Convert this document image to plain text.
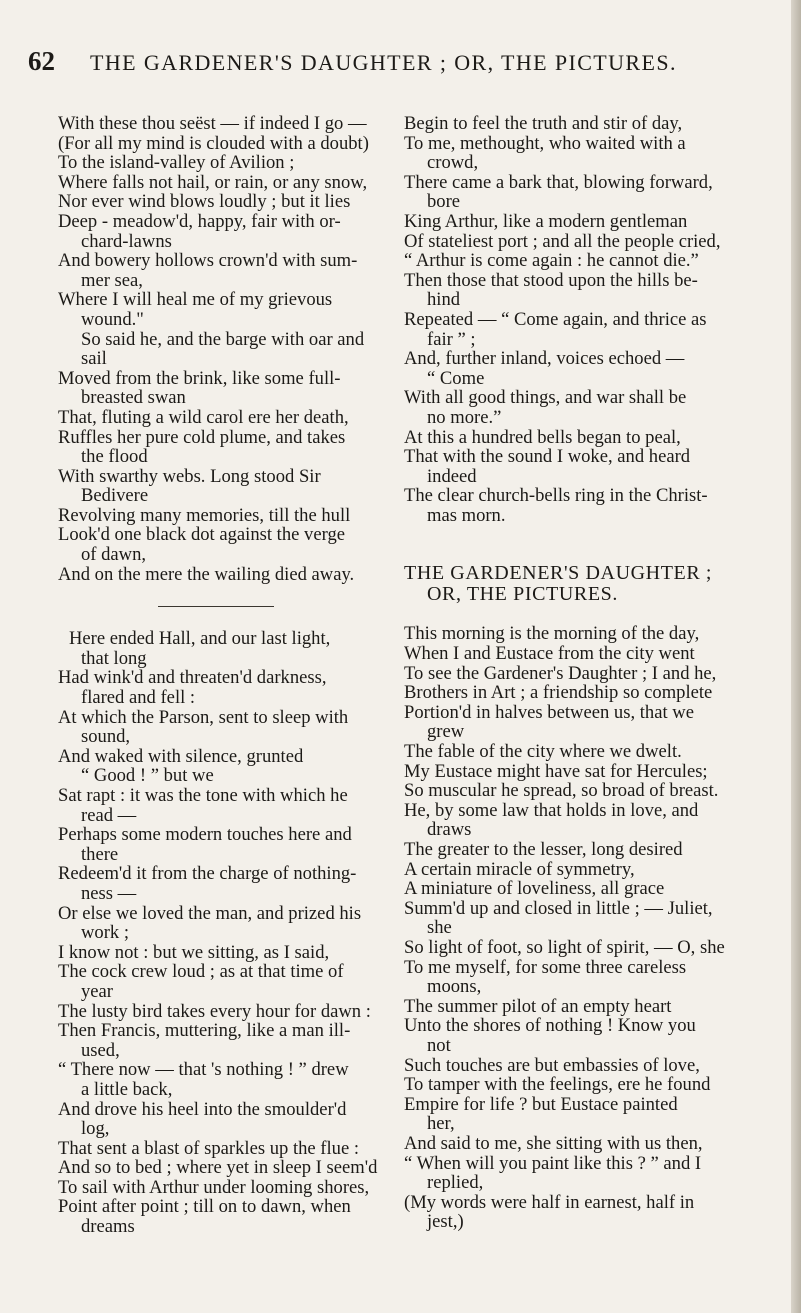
62	THE GARDENER'S DAUGHTER ; OR, THE PICTURES.
With these thou seëst — if indeed I go —
(For all my mind is clouded with a doubt)
To the island-valley of Avilion ;
Where falls not hail, or rain, or any snow,
Nor ever wind blows loudly ; but it lies
Deep - meadow'd, happy, fair with or-
chard-lawns
And bowery hollows crown'd with sum-
mer sea,
Where I will heal me of my grievous
wound."
So said he, and the barge with oar and
sail
Moved from the brink, like some full-
breasted swan
That, fluting a wild carol ere her death,
Ruffles her pure cold plume, and takes
the flood
With swarthy webs. Long stood Sir
Bedivere
Revolving many memories, till the hull
Look'd one black dot against the verge
of dawn,
And on the mere the wailing died away.
Here ended Hall, and our last light,
that long
Had wink'd and threaten'd darkness,
flared and fell :
At which the Parson, sent to sleep with
sound,
And waked with silence, grunted
“ Good ! ” but we
Sat rapt : it was the tone with which he
read —
Perhaps some modern touches here and
there
Redeem'd it from the charge of nothing-
ness —
Or else we loved the man, and prized his
work ;
I know not : but we sitting, as I said,
The cock crew loud ; as at that time of
year
The lusty bird takes every hour for dawn :
Then Francis, muttering, like a man ill-
used,
“ There now — that 's nothing ! ” drew
a little back,
And drove his heel into the smoulder'd
log,
That sent a blast of sparkles up the flue :
And so to bed ; where yet in sleep I seem'd
To sail with Arthur under looming shores,
Point after point ; till on to dawn, when
dreams
Begin to feel the truth and stir of day,
To me, methought, who waited with a
crowd,
There came a bark that, blowing forward,
bore
King Arthur, like a modern gentleman
Of stateliest port ; and all the people cried,
“ Arthur is come again : he cannot die.”
Then those that stood upon the hills be-
hind
Repeated — “ Come again, and thrice as
fair ” ;
And, further inland, voices echoed —
“ Come
With all good things, and war shall be
no more.”
At this a hundred bells began to peal,
That with the sound I woke, and heard
indeed
The clear church-bells ring in the Christ-
mas morn.
THE GARDENER'S DAUGHTER ;
OR, THE PICTURES.
This morning is the morning of the day,
When I and Eustace from the city went
To see the Gardener's Daughter ; I and he,
Brothers in Art ; a friendship so complete
Portion'd in halves between us, that we
grew
The fable of the city where we dwelt.
My Eustace might have sat for Hercules;
So muscular he spread, so broad of breast.
He, by some law that holds in love, and
draws
The greater to the lesser, long desired
A certain miracle of symmetry,
A miniature of loveliness, all grace
Summ'd up and closed in little ; — Juliet,
she
So light of foot, so light of spirit, — O, she
To me myself, for some three careless
moons,
The summer pilot of an empty heart
Unto the shores of nothing ! Know you
not
Such touches are but embassies of love,
To tamper with the feelings, ere he found
Empire for life ? but Eustace painted
her,
And said to me, she sitting with us then,
“ When will you paint like this ? ” and I
replied,
(My words were half in earnest, half in
jest,)
